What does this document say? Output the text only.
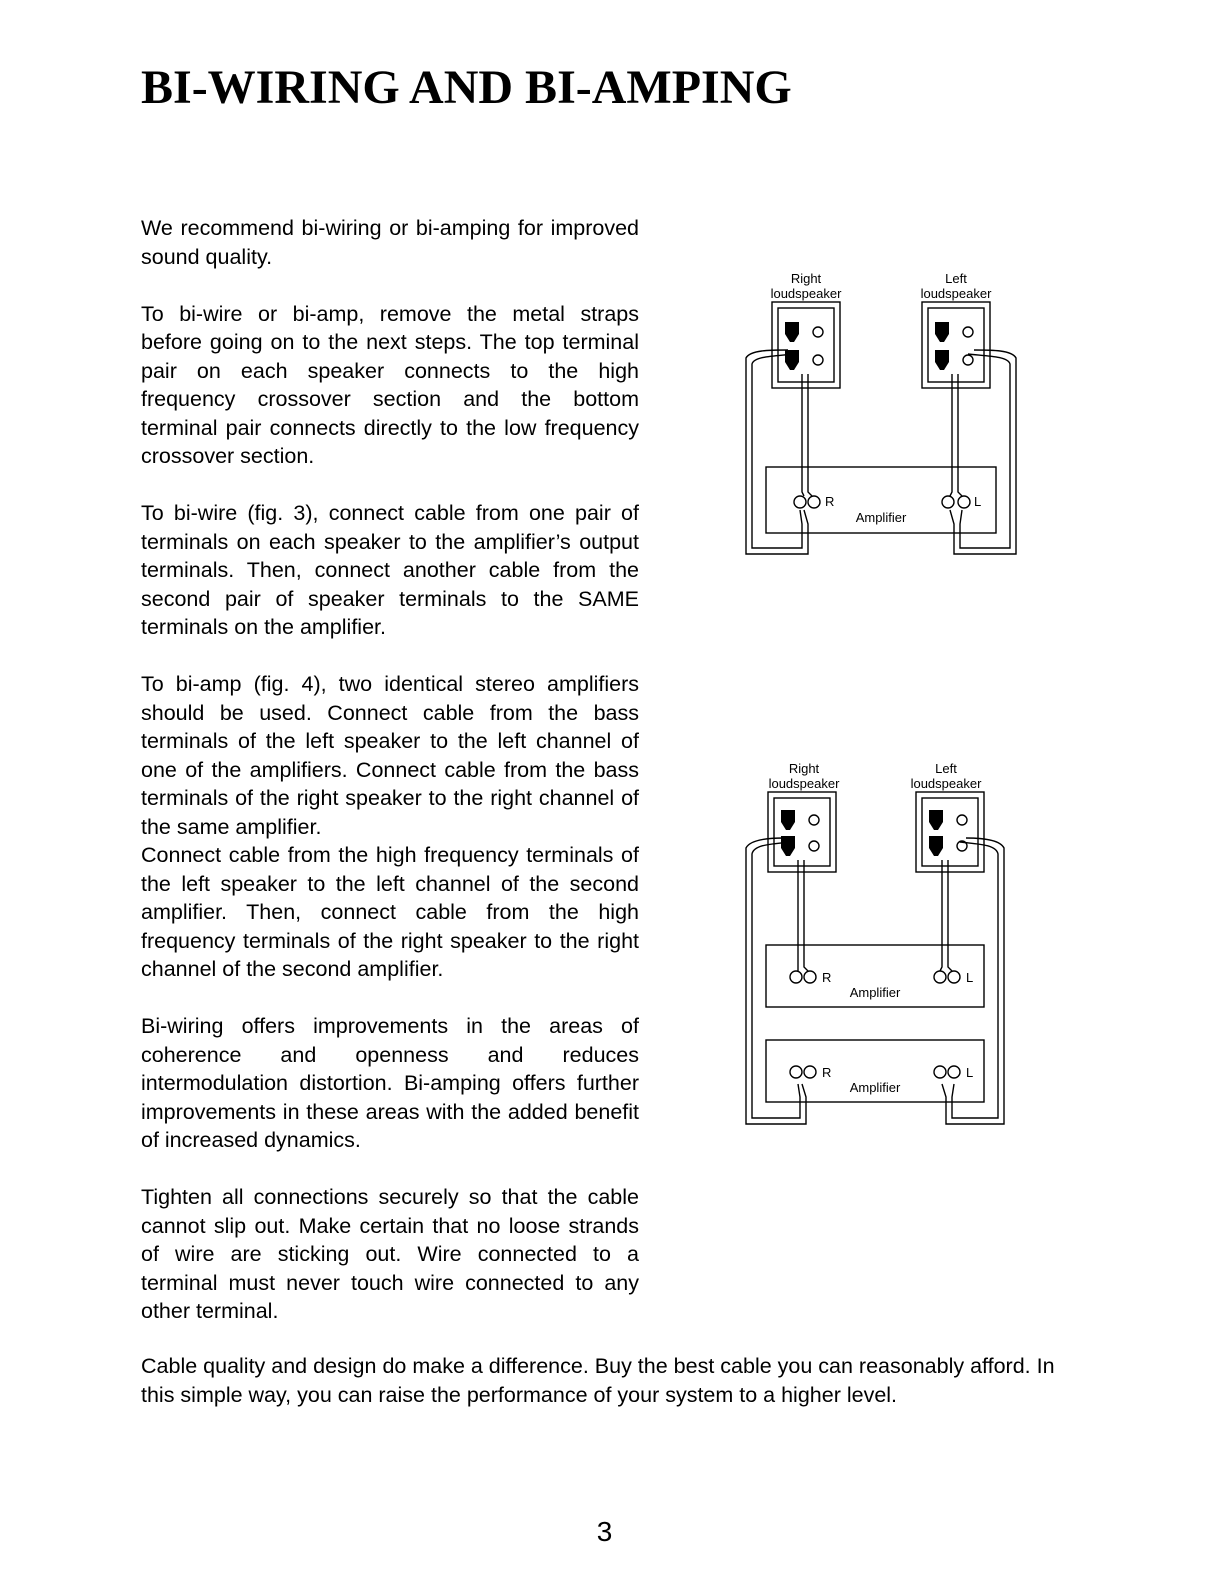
BI-WIRING AND BI-AMPING

We recommend bi-wiring or bi-amping for improved sound quality.

To bi-wire or bi-amp, remove the metal straps before going on to the next steps. The top terminal pair on each speaker connects to the high frequency crossover section and the bottom terminal pair connects directly to the low frequency crossover section.

To bi-wire (fig. 3), connect cable from one pair of terminals on each speaker to the amplifier’s output terminals. Then, connect another cable from the second pair of speaker terminals to the SAME terminals on the amplifier.

To bi-amp (fig. 4), two identical stereo amplifiers should be used. Connect cable from the bass terminals of the left speaker to the left channel of one of the amplifiers. Connect cable from the bass terminals of the right speaker to the right channel of the same amplifier.

Connect cable from the high frequency terminals of the left speaker to the left channel of the second amplifier. Then, connect cable from the high frequency terminals of the right speaker to the right channel of the second amplifier.

Bi-wiring offers improvements in the areas of coherence and openness and reduces intermodulation distortion. Bi-amping offers further improvements in these areas with the added benefit of increased dynamics.

Tighten all connections securely so that the cable cannot slip out. Make certain that no loose strands of wire are sticking out. Wire connected to a terminal must never touch wire connected to any other terminal.

Cable quality and design do make a difference. Buy the best cable you can reasonably afford. In this simple way, you can raise the performance of your system to a higher level.

3
Right
loudspeaker
Left
loudspeaker
R	L
Amplifier
Right
loudspeaker
Left
loudspeaker
R	L
Amplifier
R	L
Amplifier
